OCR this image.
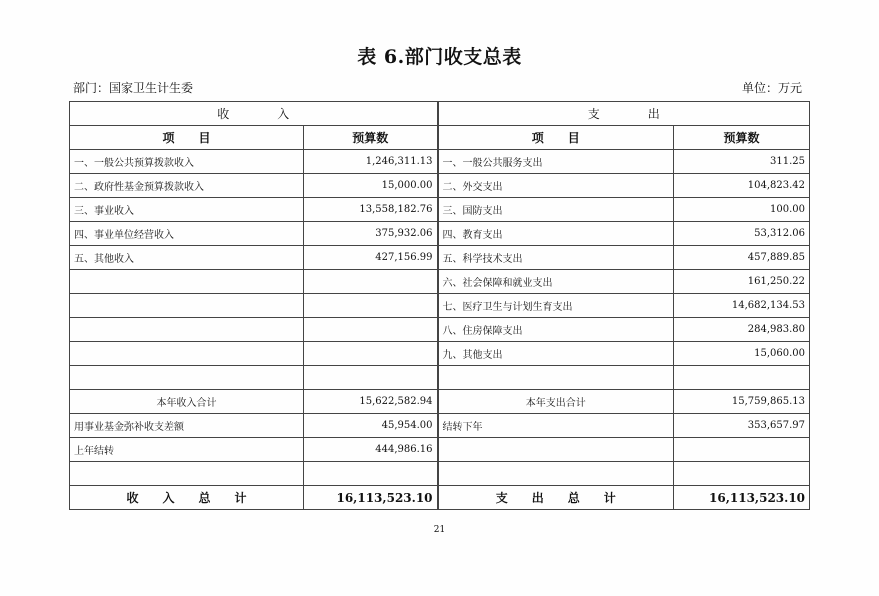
表 6.部门收支总表
部门：国家卫生计生委	单位：万元
收　　　　入		支　　　　出	
项　　目	预算数	项　　目	预算数
一、一般公共预算拨款收入	1,246,311.13	一、一般公共服务支出	311.25
二、政府性基金预算拨款收入	15,000.00	二、外交支出	104,823.42
三、事业收入	13,558,182.76	三、国防支出	100.00
四、事业单位经营收入	375,932.06	四、教育支出	53,312.06
五、其他收入	427,156.99	五、科学技术支出	457,889.85
		六、社会保障和就业支出	161,250.22
		七、医疗卫生与计划生育支出	14,682,134.53
		八、住房保障支出	284,983.80
		九、其他支出	15,060.00

本年收入合计	15,622,582.94	本年支出合计	15,759,865.13
用事业基金弥补收支差额	45,954.00	结转下年	353,657.97
上年结转	444,986.16		

收　　入　　总　　计	16,113,523.10	支　　出　　总　　计	16,113,523.10
21
